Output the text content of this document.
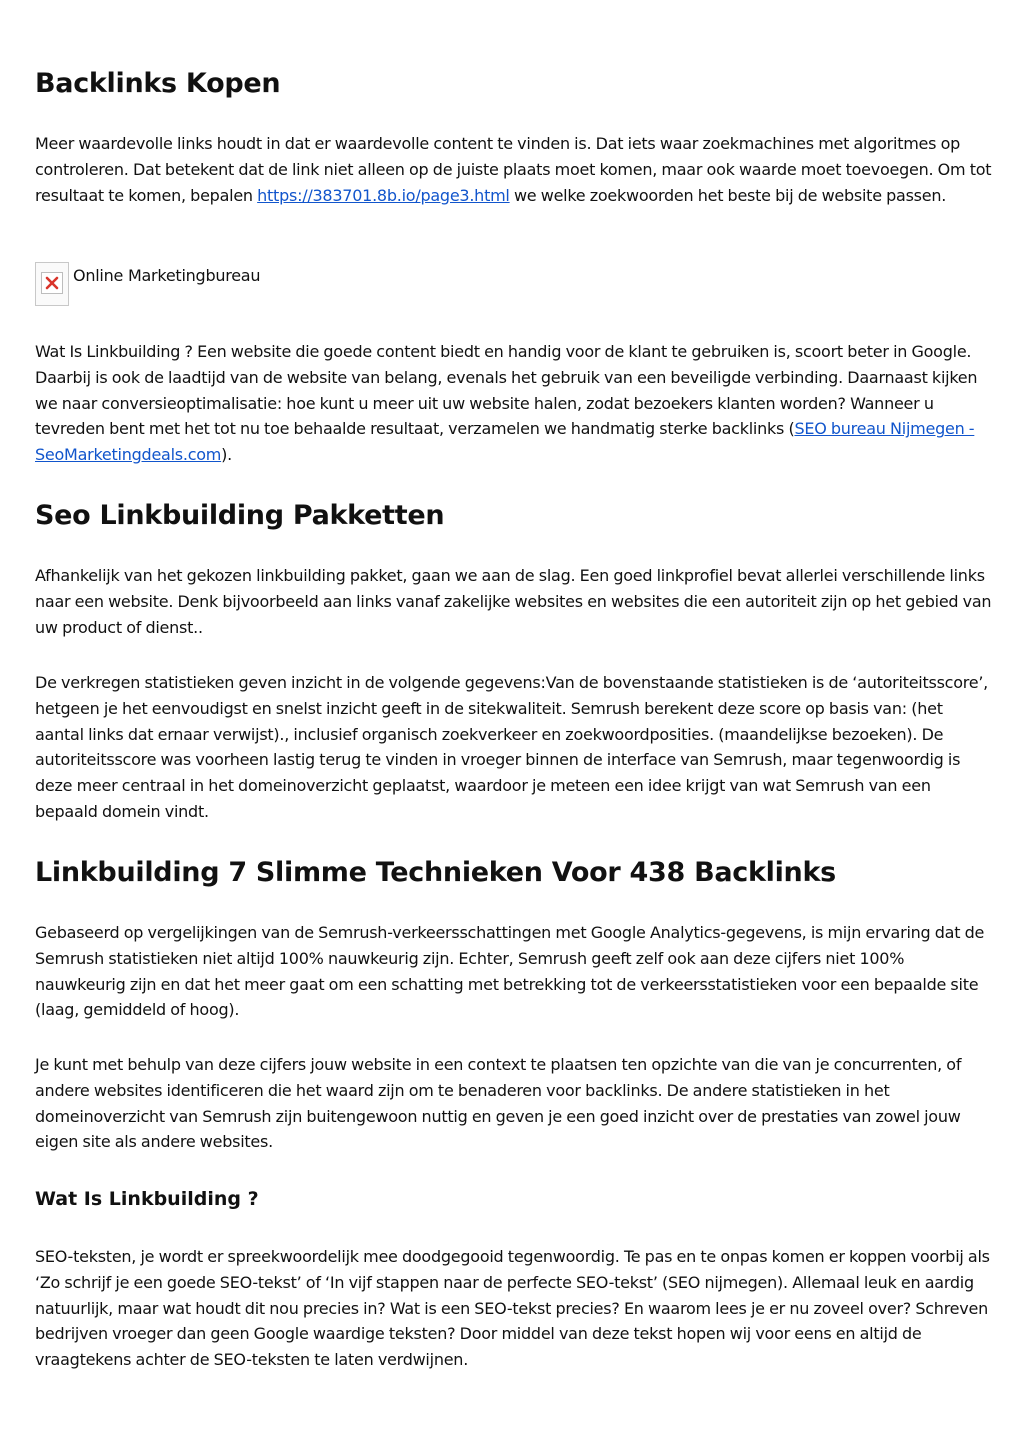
Backlinks Kopen

Meer waardevolle links houdt in dat er waardevolle content te vinden is. Dat iets waar zoekmachines met algoritmes op controleren. Dat betekent dat de link niet alleen op de juiste plaats moet komen, maar ook waarde moet toevoegen. Om tot resultaat te komen, bepalen https://383701.8b.io/page3.html we welke zoekwoorden het beste bij de website passen.

Online Marketingbureau

Wat Is Linkbuilding ? Een website die goede content biedt en handig voor de klant te gebruiken is, scoort beter in Google. Daarbij is ook de laadtijd van de website van belang, evenals het gebruik van een beveiligde verbinding. Daarnaast kijken we naar conversieoptimalisatie: hoe kunt u meer uit uw website halen, zodat bezoekers klanten worden? Wanneer u tevreden bent met het tot nu toe behaalde resultaat, verzamelen we handmatig sterke backlinks (SEO bureau Nijmegen - SeoMarketingdeals.com).

Seo Linkbuilding Pakketten

Afhankelijk van het gekozen linkbuilding pakket, gaan we aan de slag. Een goed linkprofiel bevat allerlei verschillende links naar een website. Denk bijvoorbeeld aan links vanaf zakelijke websites en websites die een autoriteit zijn op het gebied van uw product of dienst..

De verkregen statistieken geven inzicht in de volgende gegevens:Van de bovenstaande statistieken is de ‘autoriteitsscore’, hetgeen je het eenvoudigst en snelst inzicht geeft in de sitekwaliteit. Semrush berekent deze score op basis van: (het aantal links dat ernaar verwijst)., inclusief organisch zoekverkeer en zoekwoordposities. (maandelijkse bezoeken). De autoriteitsscore was voorheen lastig terug te vinden in vroeger binnen de interface van Semrush, maar tegenwoordig is deze meer centraal in het domeinoverzicht geplaatst, waardoor je meteen een idee krijgt van wat Semrush van een bepaald domein vindt.

Linkbuilding 7 Slimme Technieken Voor 438 Backlinks

Gebaseerd op vergelijkingen van de Semrush-verkeersschattingen met Google Analytics-gegevens, is mijn ervaring dat de Semrush statistieken niet altijd 100% nauwkeurig zijn. Echter, Semrush geeft zelf ook aan deze cijfers niet 100% nauwkeurig zijn en dat het meer gaat om een schatting met betrekking tot de verkeersstatistieken voor een bepaalde site (laag, gemiddeld of hoog).

Je kunt met behulp van deze cijfers jouw website in een context te plaatsen ten opzichte van die van je concurrenten, of andere websites identificeren die het waard zijn om te benaderen voor backlinks. De andere statistieken in het domeinoverzicht van Semrush zijn buitengewoon nuttig en geven je een goed inzicht over de prestaties van zowel jouw eigen site als andere websites.

Wat Is Linkbuilding ?

SEO-teksten, je wordt er spreekwoordelijk mee doodgegooid tegenwoordig. Te pas en te onpas komen er koppen voorbij als ‘Zo schrijf je een goede SEO-tekst’ of ‘In vijf stappen naar de perfecte SEO-tekst’ (SEO nijmegen). Allemaal leuk en aardig natuurlijk, maar wat houdt dit nou precies in? Wat is een SEO-tekst precies? En waarom lees je er nu zoveel over? Schreven bedrijven vroeger dan geen Google waardige teksten? Door middel van deze tekst hopen wij voor eens en altijd de vraagtekens achter de SEO-teksten te laten verdwijnen.
